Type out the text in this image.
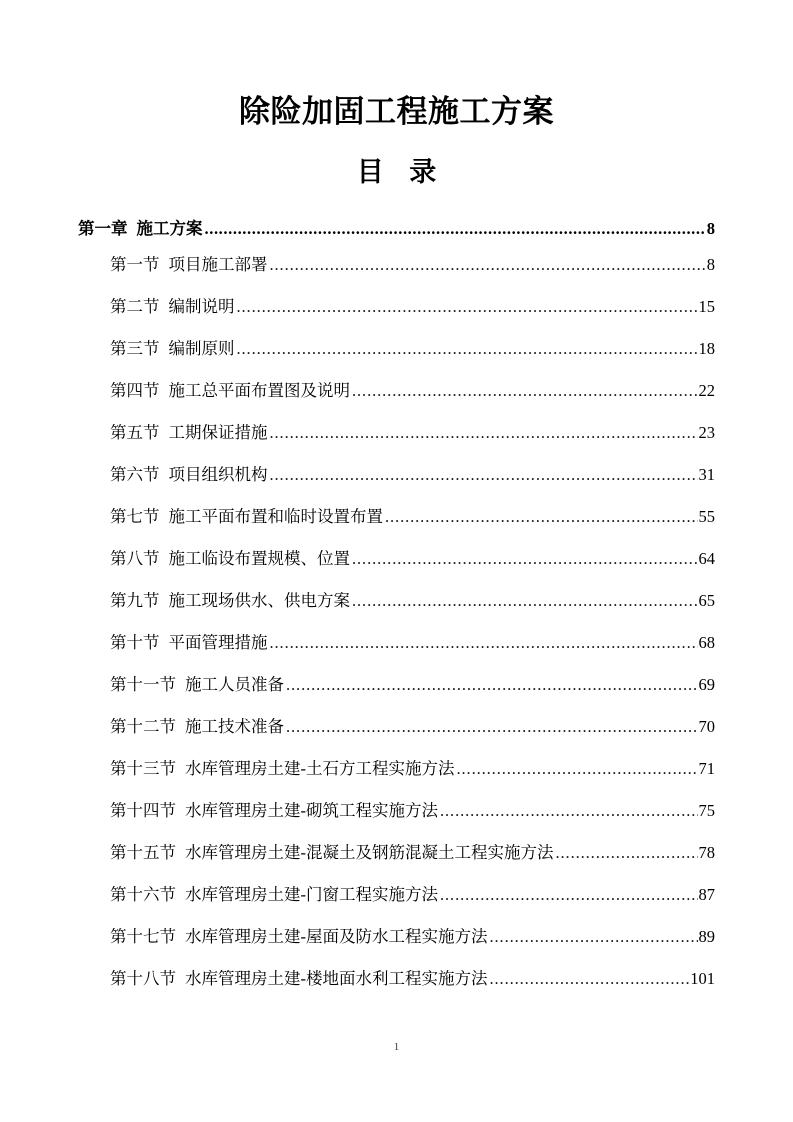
除险加固工程施工方案
目 录
第一章 施工方案 .....	8
第一节 项目施工部署 .....	8
第二节 编制说明 .....	15
第三节 编制原则 .....	18
第四节 施工总平面布置图及说明 .....	22
第五节 工期保证措施 .....	23
第六节 项目组织机构 .....	31
第七节 施工平面布置和临时设置布置 .....	55
第八节 施工临设布置规模、位置 .....	64
第九节 施工现场供水、供电方案 .....	65
第十节 平面管理措施 .....	68
第十一节 施工人员准备 .....	69
第十二节 施工技术准备 .....	70
第十三节 水库管理房土建-土石方工程实施方法 .....	71
第十四节 水库管理房土建-砌筑工程实施方法 .....	75
第十五节 水库管理房土建-混凝土及钢筋混凝土工程实施方法 .....	78
第十六节 水库管理房土建-门窗工程实施方法 .....	87
第十七节 水库管理房土建-屋面及防水工程实施方法 .....	89
第十八节 水库管理房土建-楼地面水利工程实施方法 .....	101
1
